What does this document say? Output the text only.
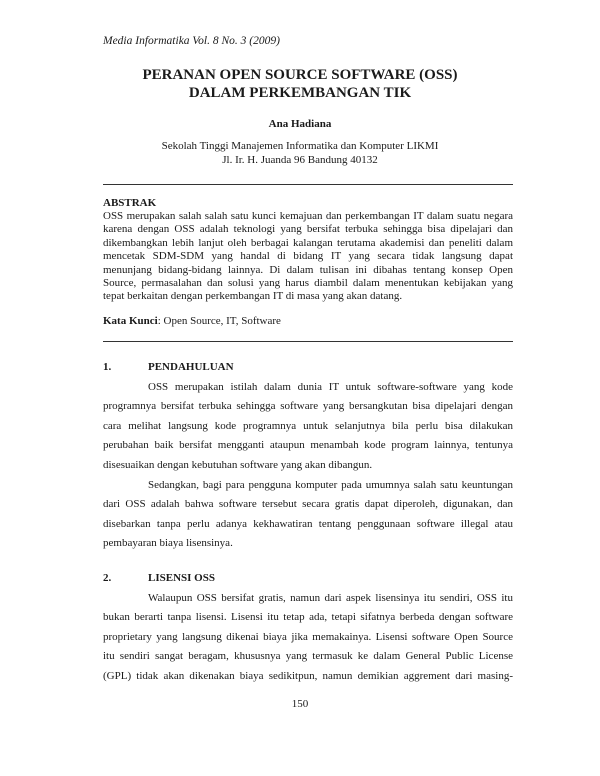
Media Informatika Vol. 8 No. 3 (2009)
PERANAN OPEN SOURCE SOFTWARE (OSS)
DALAM PERKEMBANGAN TIK
Ana Hadiana
Sekolah Tinggi Manajemen Informatika dan Komputer LIKMI
Jl. Ir. H. Juanda 96 Bandung 40132
ABSTRAK
OSS merupakan salah salah satu kunci kemajuan dan perkembangan IT dalam suatu negara
karena dengan OSS adalah teknologi yang bersifat terbuka sehingga bisa dipelajari dan
dikembangkan lebih lanjut oleh berbagai kalangan terutama akademisi dan peneliti dalam
mencetak SDM-SDM yang handal di bidang IT yang secara tidak langsung dapat
menunjang bidang-bidang lainnya. Di dalam tulisan ini dibahas tentang konsep Open
Source, permasalahan dan solusi yang harus diambil dalam menentukan kebijakan yang
tepat berkaitan dengan perkembangan IT di masa yang akan datang.
Kata Kunci: Open Source, IT, Software
1.	PENDAHULUAN
OSS merupakan istilah dalam dunia IT untuk software-software yang kode
programnya bersifat terbuka sehingga software yang bersangkutan bisa dipelajari dengan
cara melihat langsung kode programnya untuk selanjutnya bila perlu bisa dilakukan
perubahan baik bersifat mengganti ataupun menambah kode program lainnya, tentunya
disesuaikan dengan kebutuhan software yang akan dibangun.
Sedangkan, bagi para pengguna komputer pada umumnya salah satu keuntungan
dari OSS adalah bahwa software tersebut secara gratis dapat diperoleh, digunakan, dan
disebarkan tanpa perlu adanya kekhawatiran tentang penggunaan software illegal atau
pembayaran biaya lisensinya.
2.	LISENSI OSS
Walaupun OSS bersifat gratis, namun dari aspek lisensinya itu sendiri, OSS itu
bukan berarti tanpa lisensi. Lisensi itu tetap ada, tetapi sifatnya berbeda dengan software
proprietary yang langsung dikenai biaya jika memakainya. Lisensi software Open Source
itu sendiri sangat beragam, khususnya yang termasuk ke dalam General Public License
(GPL) tidak akan dikenakan biaya sedikitpun, namun demikian aggrement dari masing-
150
